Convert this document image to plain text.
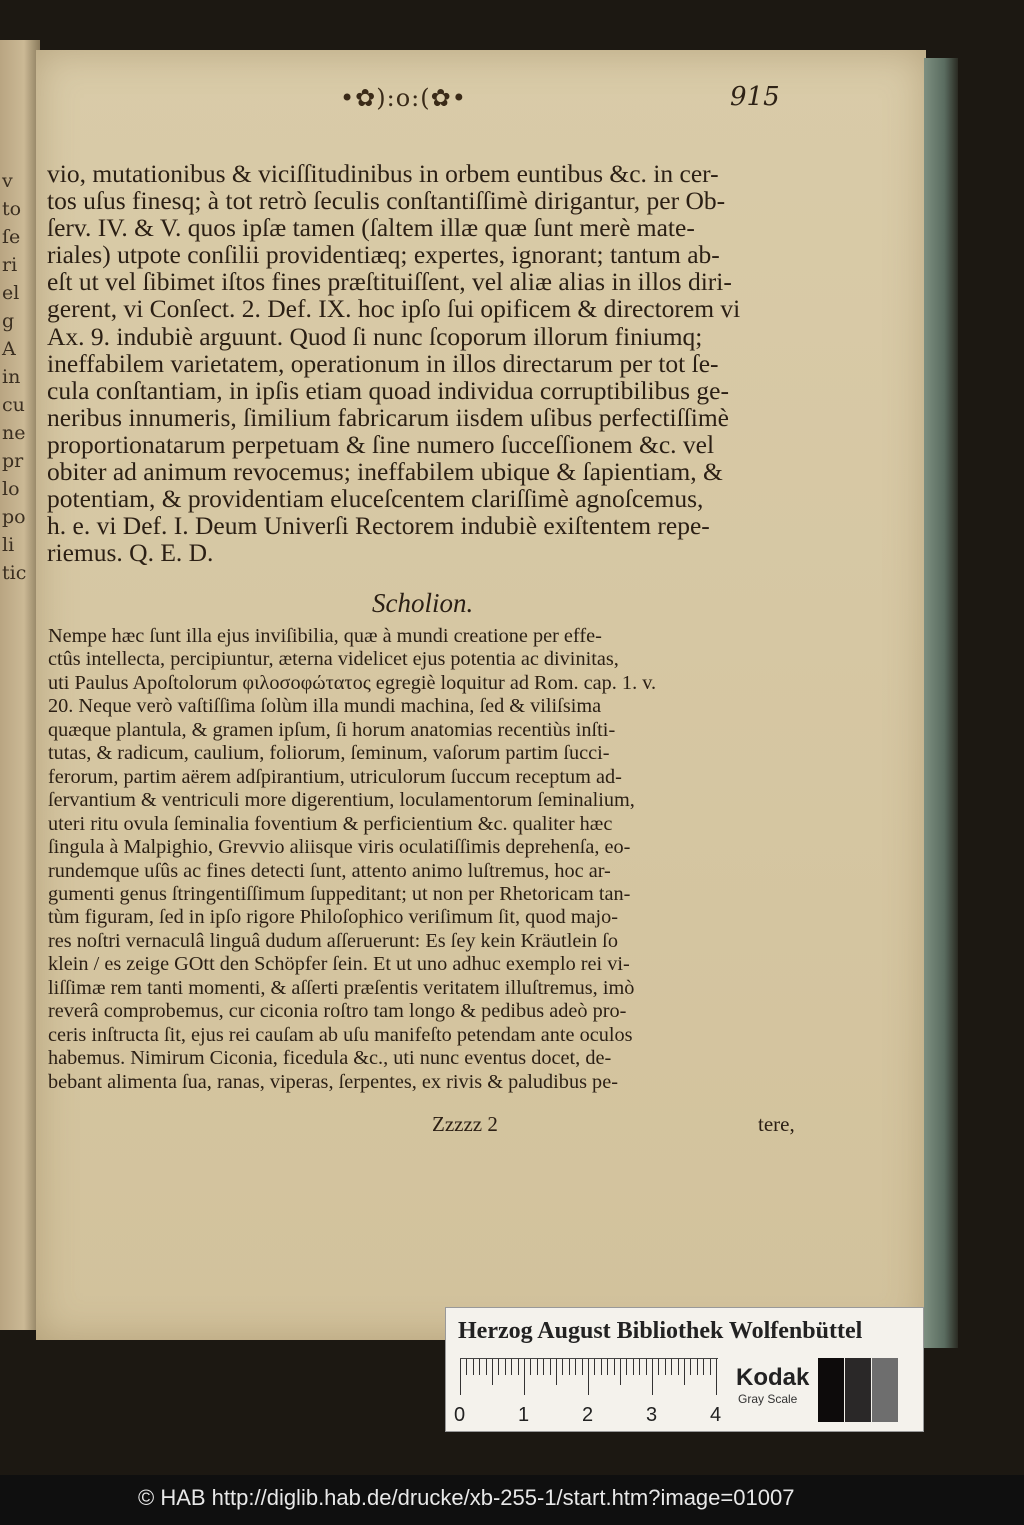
v
to
ſe
ri
el
g
A
in
cu
ne
pr
lo
po
li
tic
•✿):o:(✿•	915
vio, mutationibus & viciſſitudinibus in orbem euntibus &c. in cer-
tos uſus finesq; à tot retrò ſeculis conſtantiſſimè dirigantur, per Ob-
ſerv. IV. & V. quos ipſæ tamen (ſaltem illæ quæ ſunt merè mate-
riales) utpote conſilii providentiæq; expertes, ignorant; tantum ab-
eſt ut vel ſibimet iſtos fines præſtituiſſent, vel aliæ alias in illos diri-
gerent, vi Conſect. 2. Def. IX. hoc ipſo ſui opificem & directorem vi
Ax. 9. indubiè arguunt. Quod ſi nunc ſcoporum illorum finiumq;
ineffabilem varietatem, operationum in illos directarum per tot ſe-
cula conſtantiam, in ipſis etiam quoad individua corruptibilibus ge-
neribus innumeris, ſimilium fabricarum iisdem uſibus perfectiſſimè
proportionatarum perpetuam & ſine numero ſucceſſionem &c. vel
obiter ad animum revocemus; ineffabilem ubique & ſapientiam, &
potentiam, & providentiam eluceſcentem clariſſimè agnoſcemus,
h. e. vi Def. I. Deum Univerſi Rectorem indubiè exiſtentem repe-
riemus. Q. E. D.
Scholion.
Nempe hæc ſunt illa ejus inviſibilia, quæ à mundi creatione per effe-
ctûs intellecta, percipiuntur, æterna videlicet ejus potentia ac divinitas,
uti Paulus Apoſtolorum φιλοσοφώτατος egregiè loquitur ad Rom. cap. 1. v.
20. Neque verò vaſtiſſima ſolùm illa mundi machina, ſed & viliſsima
quæque plantula, & gramen ipſum, ſi horum anatomias recentiùs inſti-
tutas, & radicum, caulium, foliorum, ſeminum, vaſorum partim ſucci-
ferorum, partim aërem adſpirantium, utriculorum ſuccum receptum ad-
ſervantium & ventriculi more digerentium, loculamentorum ſeminalium,
uteri ritu ovula ſeminalia foventium & perficientium &c. qualiter hæc
ſingula à Malpighio, Grevvio aliisque viris oculatiſſimis deprehenſa, eo-
rundemque uſûs ac fines detecti ſunt, attento animo luſtremus, hoc ar-
gumenti genus ſtringentiſſimum ſuppeditant; ut non per Rhetoricam tan-
tùm figuram, ſed in ipſo rigore Philoſophico veriſimum ſit, quod majo-
res noſtri vernaculâ linguâ dudum aſſeruerunt: Es ſey kein Kräutlein ſo
klein / es zeige GOtt den Schöpfer ſein. Et ut uno adhuc exemplo rei vi-
liſſimæ rem tanti momenti, & aſſerti præſentis veritatem illuſtremus, imò
reverâ comprobemus, cur ciconia roſtro tam longo & pedibus adeò pro-
ceris inſtructa ſit, ejus rei cauſam ab uſu manifeſto petendam ante oculos
habemus. Nimirum Ciconia, ficedula &c., uti nunc eventus docet, de-
bebant alimenta ſua, ranas, viperas, ſerpentes, ex rivis & paludibus pe-
Zzzzz 2	tere,
Herzog August Bibliothek Wolfenbüttel
0	1	2	3	4
Kodak
Gray Scale
© HAB http://diglib.hab.de/drucke/xb-255-1/start.htm?image=01007
